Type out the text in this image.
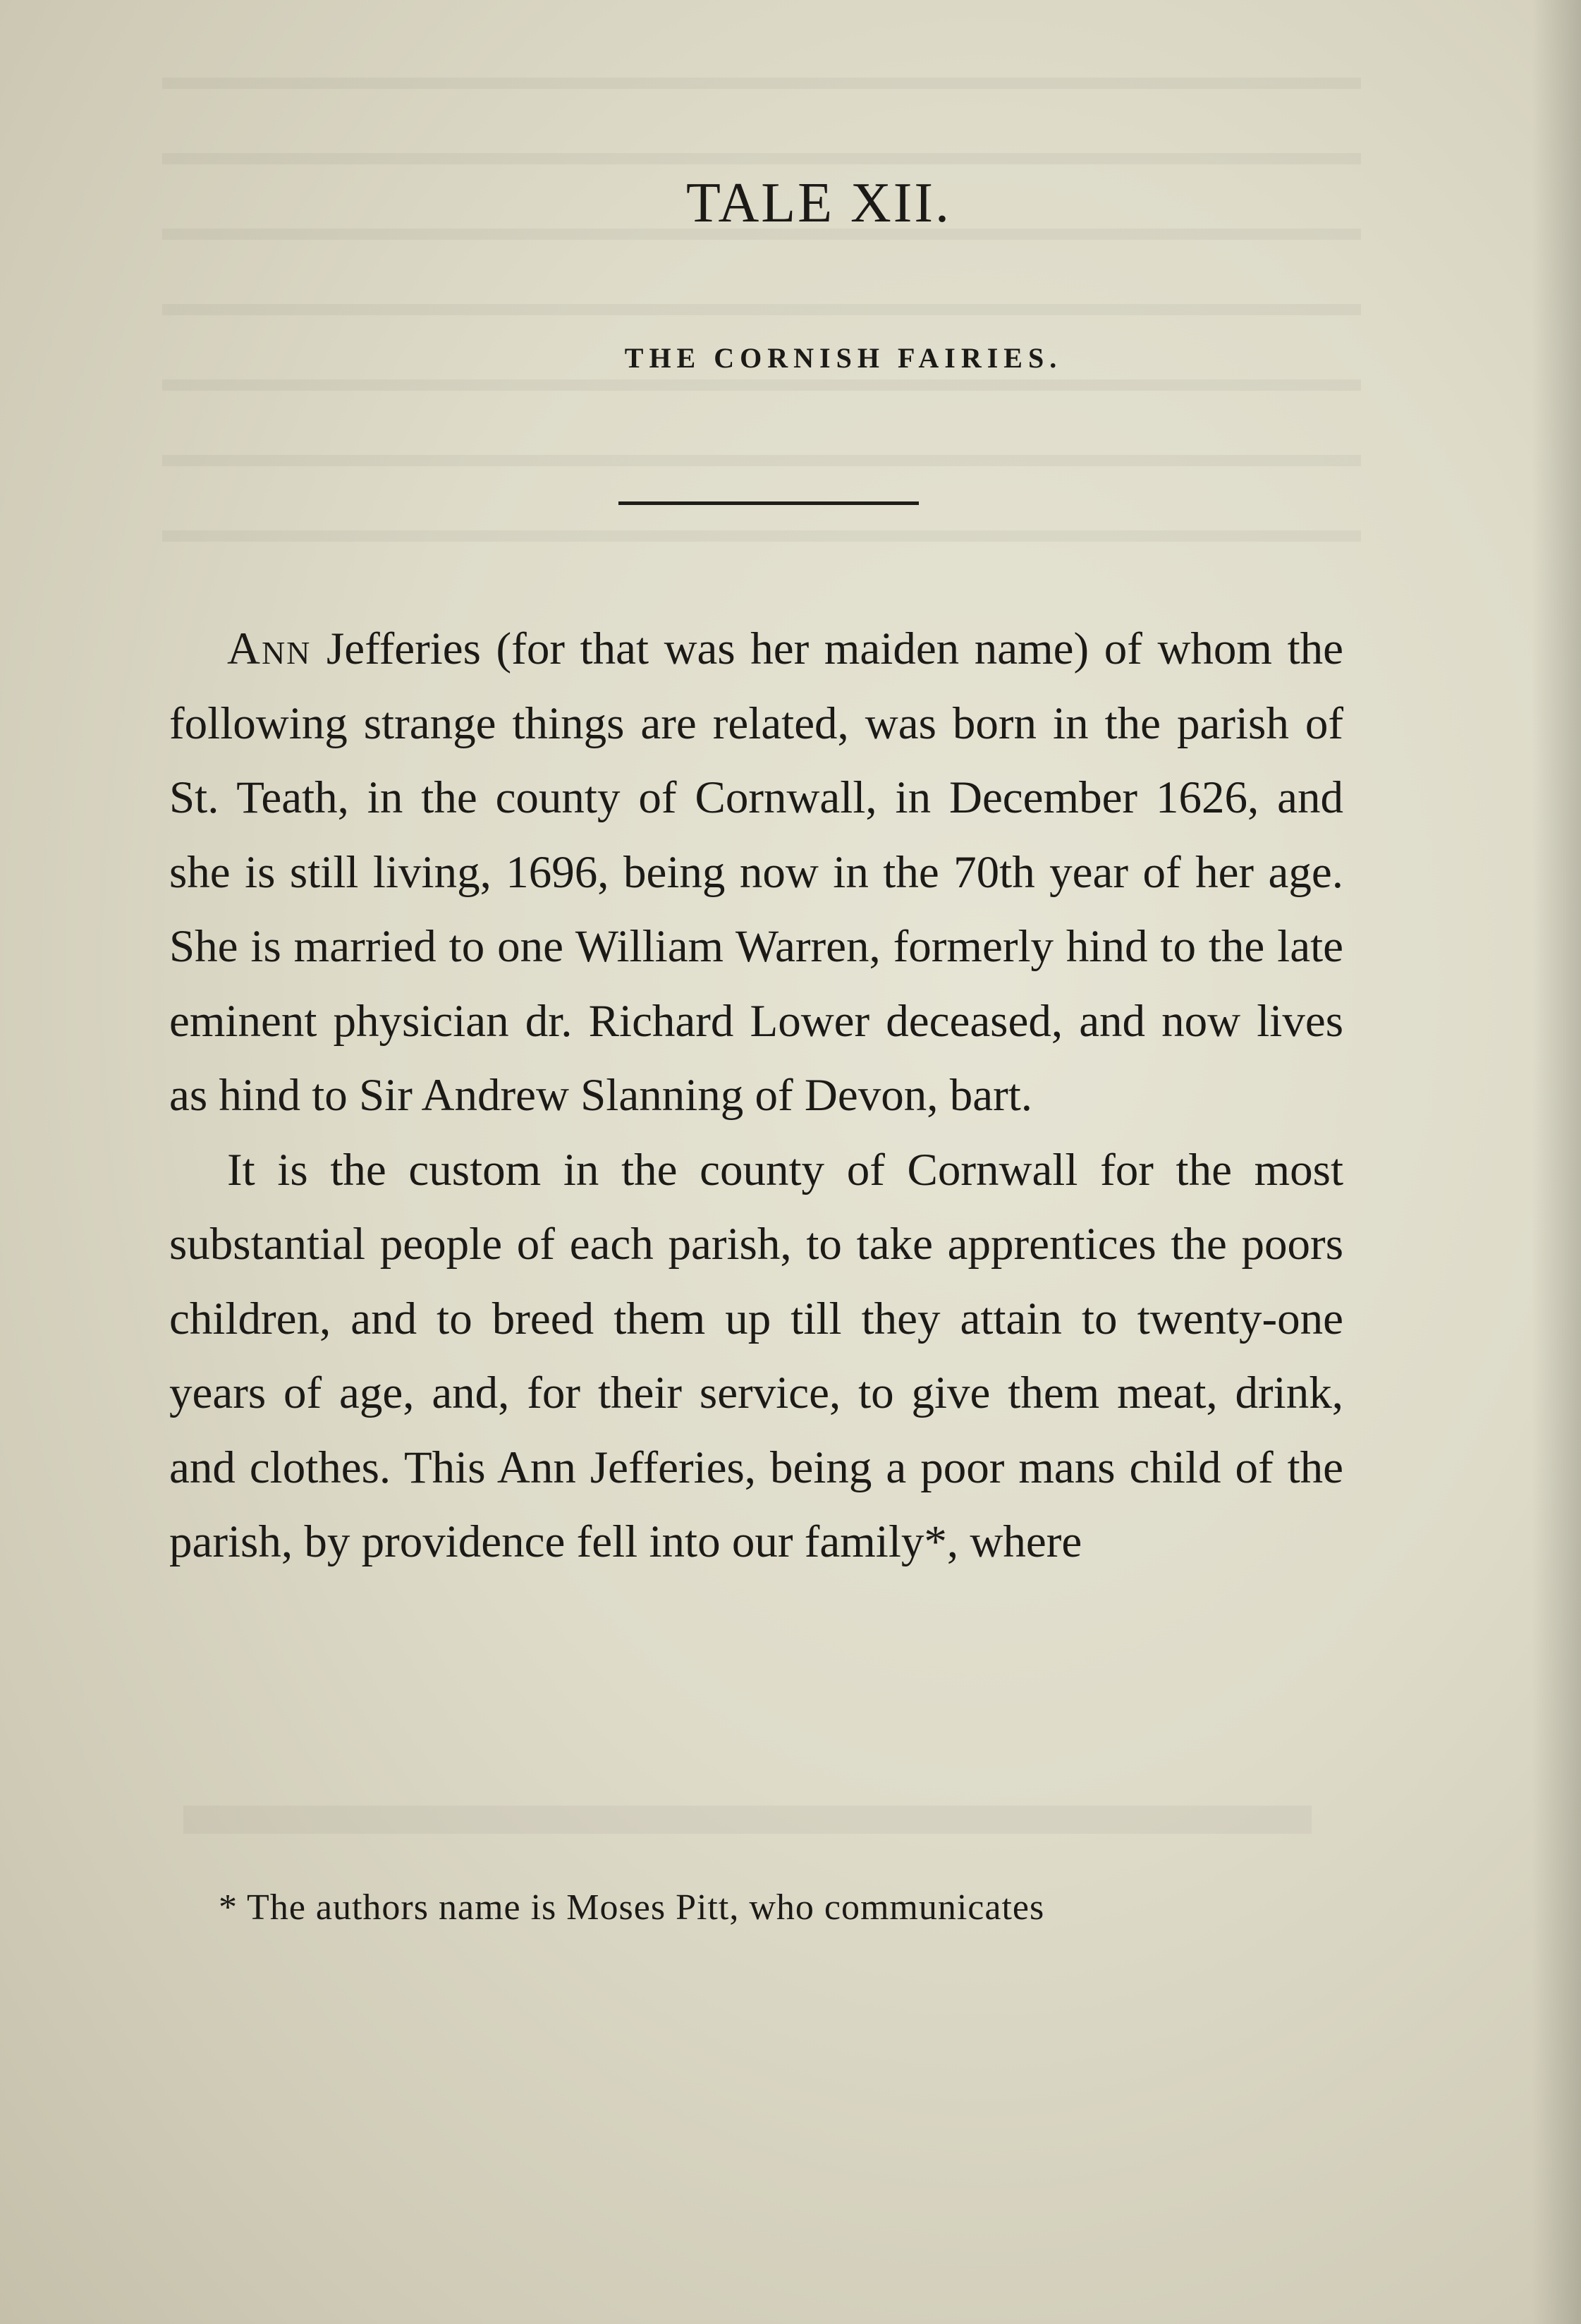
TALE XII.
THE CORNISH FAIRIES.

Ann Jefferies (for that was her maiden name) of whom the following strange things are related, was born in the parish of St. Teath, in the county of Cornwall, in December 1626, and she is still living, 1696, being now in the 70th year of her age. She is married to one William Warren, formerly hind to the late eminent physician dr. Richard Lower deceased, and now lives as hind to Sir Andrew Slanning of Devon, bart.

It is the custom in the county of Cornwall for the most substantial people of each parish, to take apprentices the poors children, and to breed them up till they attain to twenty-one years of age, and, for their service, to give them meat, drink, and clothes. This Ann Jefferies, being a poor mans child of the parish, by providence fell into our family*, where

* The authors name is Moses Pitt, who communicates
